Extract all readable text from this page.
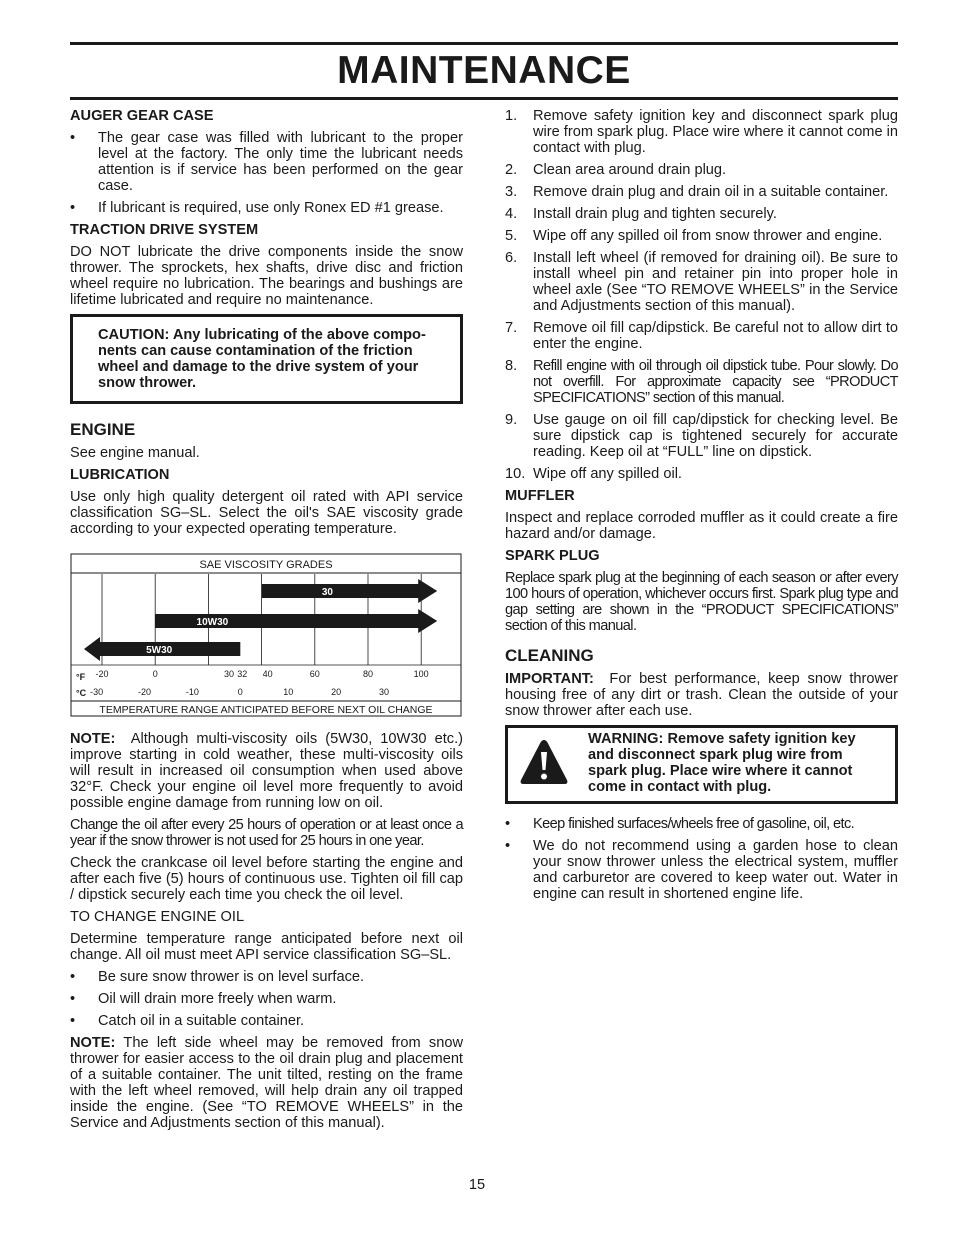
MAINTENANCE
AUGER GEAR CASE
• The gear case was filled with lubricant to the proper level at the factory. The only time the lubricant needs attention is if service has been performed on the gear case.
• If lubricant is required, use only Ronex ED #1 grease.
TRACTION DRIVE SYSTEM

DO NOT lubricate the drive components inside the snow thrower. The sprockets, hex shafts, drive disc and friction wheel require no lubrication. The bearings and bushings are lifetime lubricated and require no maintenance.

CAUTION: Any lubricating of the above compo- nents can cause contamination of the friction wheel and damage to the drive system of your snow thrower.
ENGINE

See engine manual.

LUBRICATION

Use only high quality detergent oil rated with API service classification SG–SL. Select the oil's SAE viscosity grade according to your expected operating temperature.

SAE VISCOSITY GRADES
TEMPERATURE RANGE ANTICIPATED BEFORE NEXT OIL CHANGE
°F
°C
30
10W30
5W30
-20	0	30 32 40	60	80	100
-30	-20	-10	0	10	20	30

NOTE: Although multi-viscosity oils (5W30, 10W30 etc.) improve starting in cold weather, these multi-viscosity oils will result in increased oil consumption when used above 32°F. Check your engine oil level more frequently to avoid possible engine damage from running low on oil.

Change the oil after every 25 hours of operation or at least once a year if the snow thrower is not used for 25 hours in one year.

Check the crankcase oil level before starting the engine and after each five (5) hours of continuous use. Tighten oil fill cap / dipstick securely each time you check the oil level.

TO CHANGE ENGINE OIL

Determine temperature range anticipated before next oil change. All oil must meet API service classification SG–SL.

• Be sure snow thrower is on level surface.
• Oil will drain more freely when warm.
• Catch oil in a suitable container.

NOTE: The left side wheel may be removed from snow thrower for easier access to the oil drain plug and placement of a suitable container. The unit tilted, resting on the frame with the left wheel removed, will help drain any oil trapped inside the engine. (See “TO REMOVE WHEELS” in the Service and Adjustments section of this manual).

1. Remove safety ignition key and disconnect spark plug wire from spark plug. Place wire where it cannot come in contact with plug.
2. Clean area around drain plug.
3. Remove drain plug and drain oil in a suitable container.
4. Install drain plug and tighten securely.
5. Wipe off any spilled oil from snow thrower and engine.
6. Install left wheel (if removed for draining oil). Be sure to install wheel pin and retainer pin into proper hole in wheel axle (See “TO REMOVE WHEELS” in the Service and Adjustments section of this manual).
7. Remove oil fill cap/dipstick. Be careful not to allow dirt to enter the engine.
8. Refill engine with oil through oil dipstick tube. Pour slowly. Do not overfill. For approximate capacity see “PRODUCT SPECIFICATIONS” section of this manual.
9. Use gauge on oil fill cap/dipstick for checking level. Be sure dipstick cap is tightened securely for accurate reading. Keep oil at “FULL” line on dipstick.
10. Wipe off any spilled oil.
MUFFLER

Inspect and replace corroded muffler as it could create a fire hazard and/or damage.

SPARK PLUG

Replace spark plug at the beginning of each season or after every 100 hours of operation, whichever occurs first. Spark plug type and gap setting are shown in the “PRODUCT SPECIFICATIONS” section of this manual.

CLEANING

IMPORTANT: For best performance, keep snow thrower housing free of any dirt or trash. Clean the outside of your snow thrower after each use.

WARNING: Remove safety ignition key and disconnect spark plug wire from spark plug. Place wire where it cannot come in contact with plug.
• Keep finished surfaces/wheels free of gasoline, oil, etc.
• We do not recommend using a garden hose to clean your snow thrower unless the electrical system, muffler and carburetor are covered to keep water out. Water in engine can result in shortened engine life.
15
